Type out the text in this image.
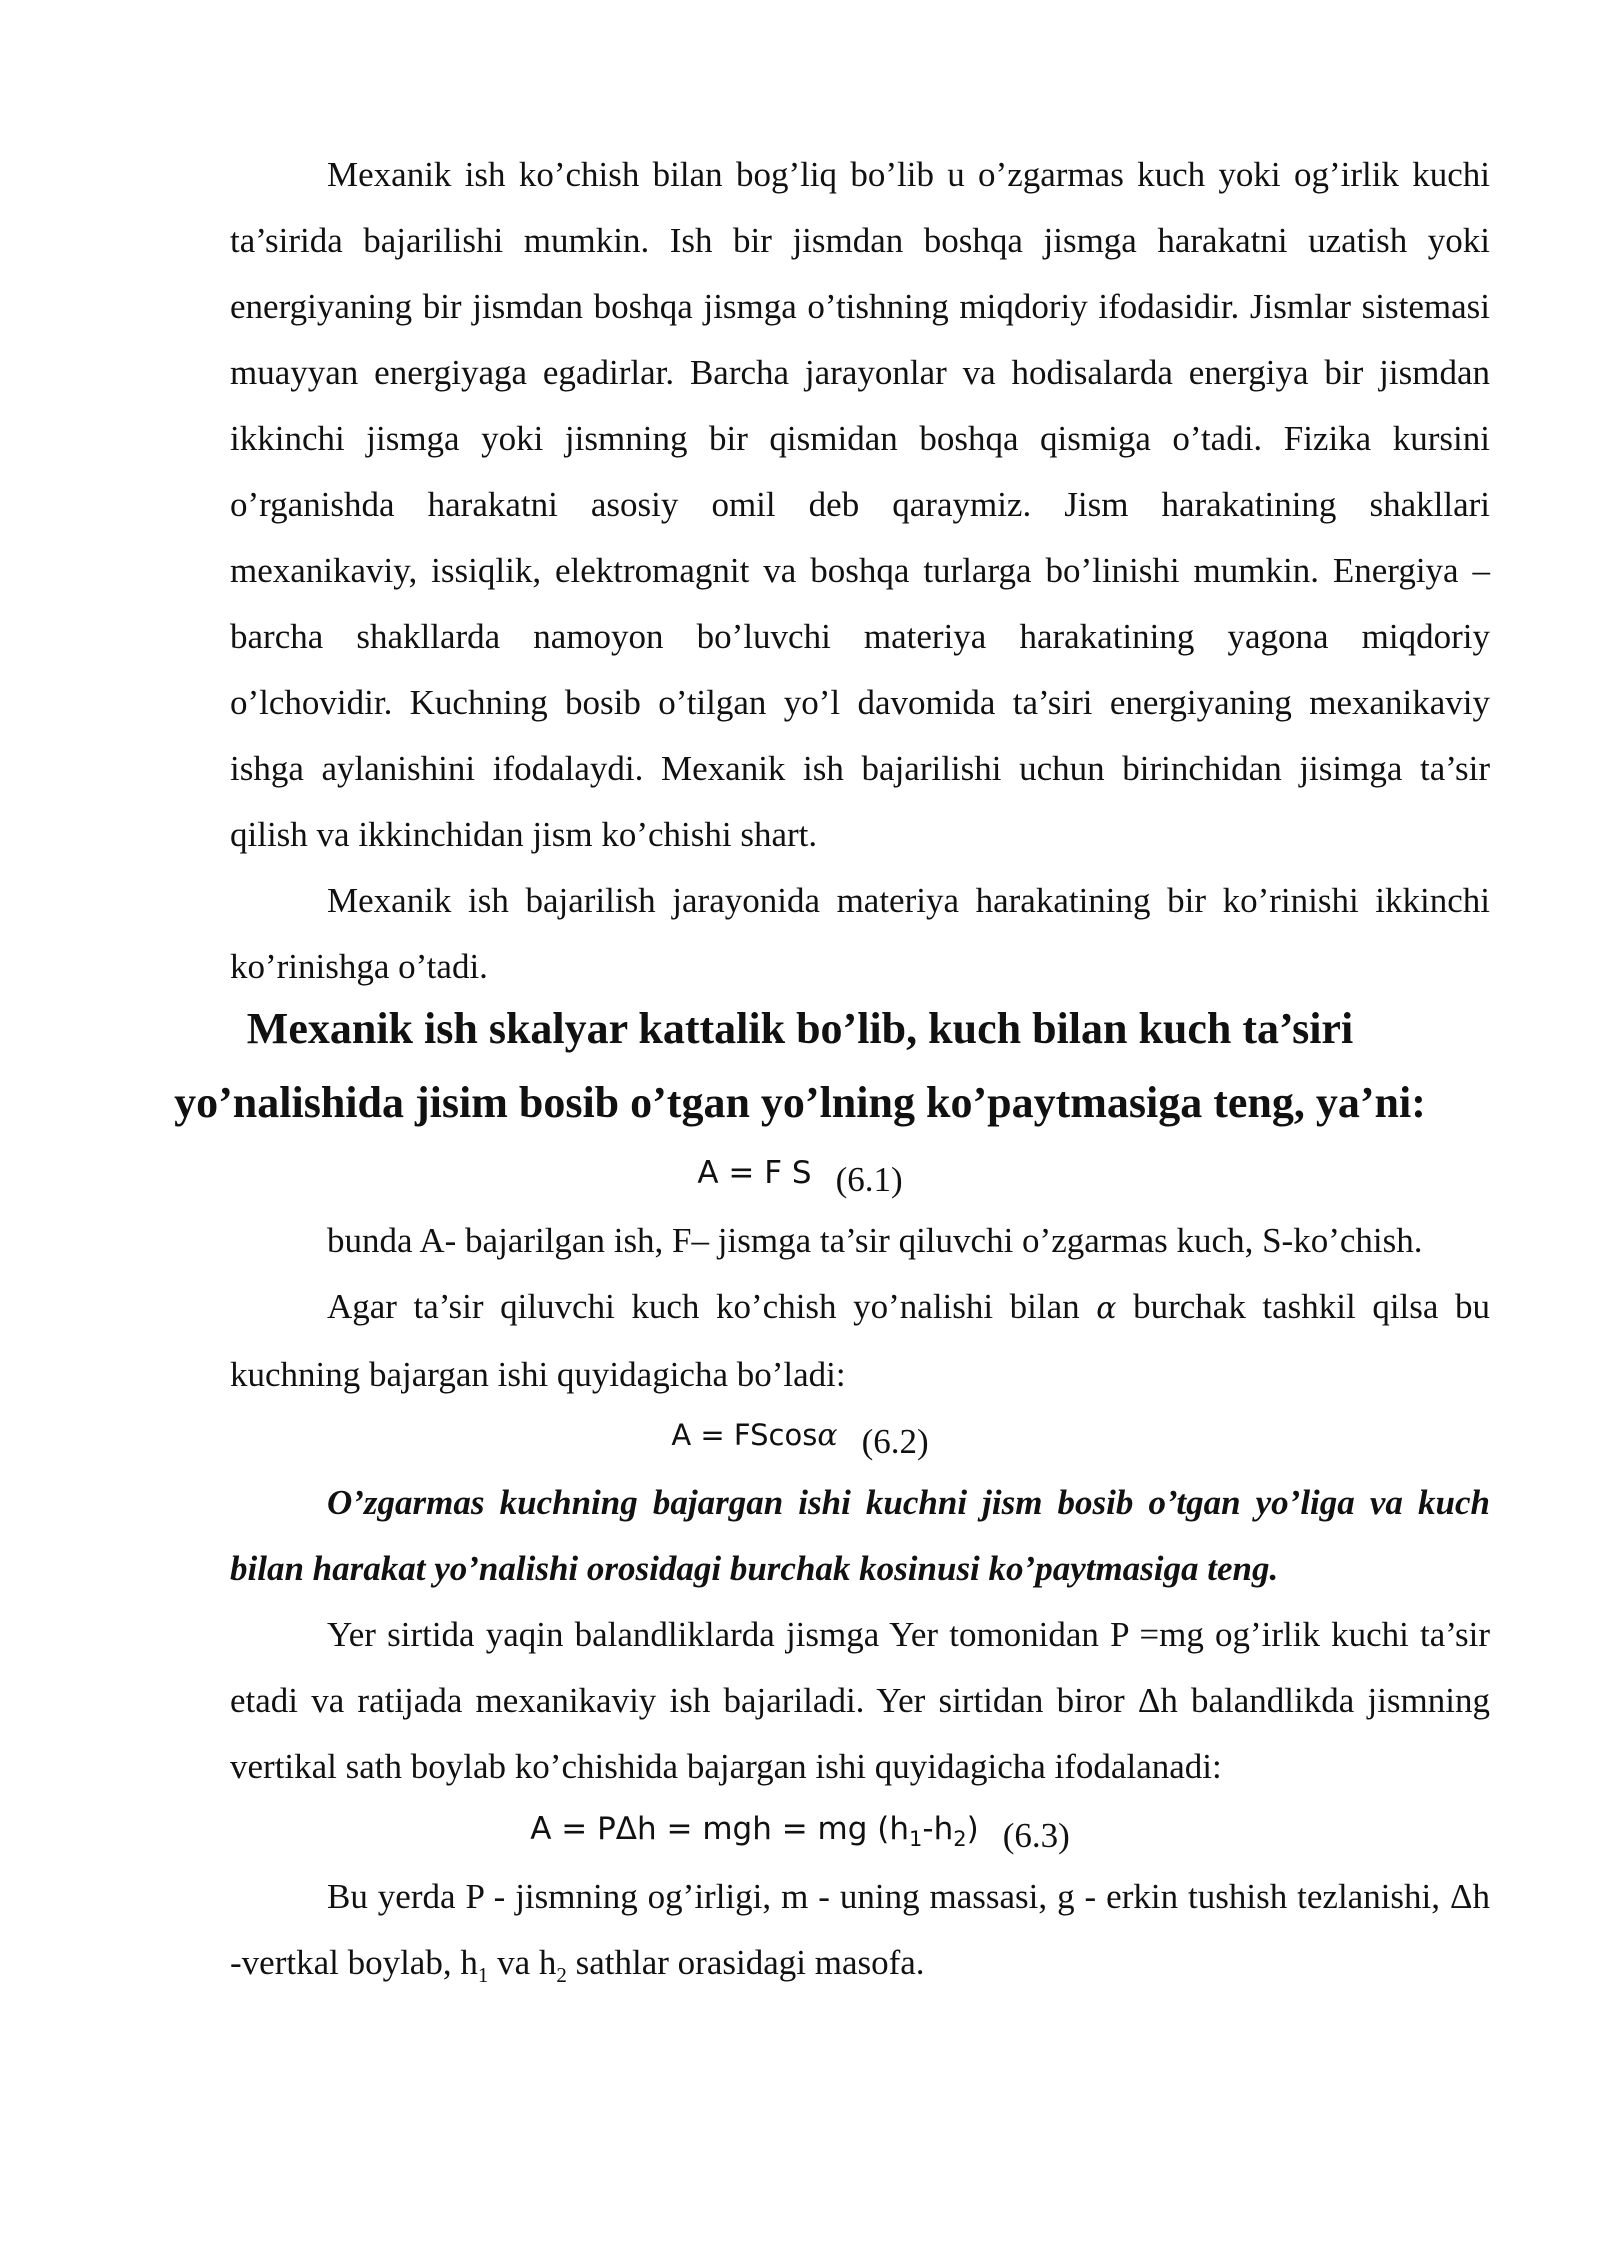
Mexanik ish ko’chish bilan bog’liq bo’lib u o’zgarmas kuch yoki og’irlik kuchi ta’sirida bajarilishi mumkin. Ish bir jismdan boshqa jismga harakatni uzatish yoki energiyaning bir jismdan boshqa jismga o’tishning miqdoriy ifodasidir. Jismlar sistemasi muayyan energiyaga egadirlar. Barcha jarayonlar va hodisalarda energiya bir jismdan ikkinchi jismga yoki jismning bir qismidan boshqa qismiga o’tadi. Fizika kursini o’rganishda harakatni asosiy omil deb qaraymiz. Jism harakatining shakllari mexanikaviy, issiqlik, elektromagnit va boshqa turlarga bo’linishi mumkin. Energiya – barcha shakllarda namoyon bo’luvchi materiya harakatining yagona miqdoriy o’lchovidir. Kuchning bosib o’tilgan yo’l davomida ta’siri energiyaning mexanikaviy ishga aylanishini ifodalaydi. Mexanik ish bajarilishi uchun birinchidan jisimga ta’sir qilish va ikkinchidan jism ko’chishi shart.

Mexanik ish bajarilish jarayonida materiya harakatining bir ko’rinishi ikkinchi ko’rinishga o’tadi.

Mexanik ish skalyar kattalik bo’lib, kuch bilan kuch ta’siri

yo’nalishida jisim bosib o’tgan yo’lning ko’paytmasiga teng, ya’ni:

A = F S (6.1)

bunda A- bajarilgan ish, F– jismga ta’sir qiluvchi o’zgarmas kuch, S-ko’chish.

Agar ta’sir qiluvchi kuch ko’chish yo’nalishi bilan α burchak tashkil qilsa bu kuchning bajargan ishi quyidagicha bo’ladi:

A = FScosα (6.2)

O’zgarmas kuchning bajargan ishi kuchni jism bosib o’tgan yo’liga va kuch bilan harakat yo’nalishi orosidagi burchak kosinusi ko’paytmasiga teng.

Yer sirtida yaqin balandliklarda jismga Yer tomonidan P =mg og’irlik kuchi ta’sir etadi va ratijada mexanikaviy ish bajariladi. Yer sirtidan biror Δh balandlikda jismning vertikal sath boylab ko’chishida bajargan ishi quyidagicha ifodalanadi:

A = PΔh = mgh = mg $(h_1-h_2)$ (6.3)

Bu yerda P - jismning og’irligi, m - uning massasi, g - erkin tushish tezlanishi, Δh -vertkal boylab, $h_1$ va $h_2$ sathlar orasidagi masofa.
